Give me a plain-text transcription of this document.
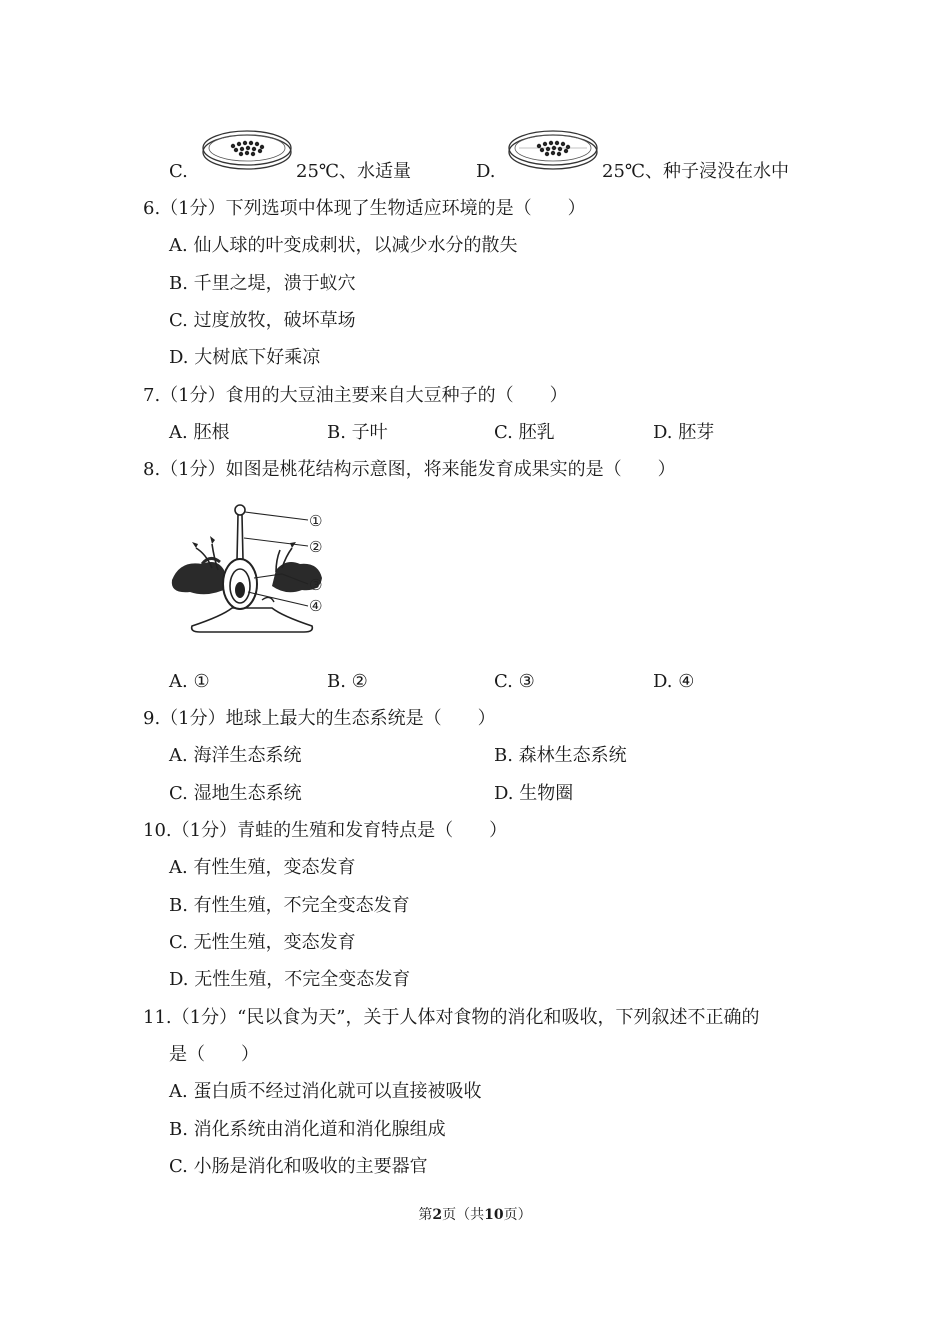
C.	25℃、水适量	D.	25℃、种子浸没在水中
6.（1分）下列选项中体现了生物适应环境的是（　　）
A. 仙人球的叶变成刺状，以减少水分的散失
B. 千里之堤，溃于蚁穴
C. 过度放牧，破坏草场
D. 大树底下好乘凉
7.（1分）食用的大豆油主要来自大豆种子的（　　）
A. 胚根	B. 子叶	C. 胚乳	D. 胚芽
8.（1分）如图是桃花结构示意图，将来能发育成果实的是（　　）
①
②
③
④
A. ①	B. ②	C. ③	D. ④
9.（1分）地球上最大的生态系统是（　　）
A. 海洋生态系统	B. 森林生态系统
C. 湿地生态系统	D. 生物圈
10.（1分）青蛙的生殖和发育特点是（　　）
A. 有性生殖，变态发育
B. 有性生殖，不完全变态发育
C. 无性生殖，变态发育
D. 无性生殖，不完全变态发育
11.（1分）“民以食为天”，关于人体对食物的消化和吸收，下列叙述不正确的
是（　　）
A. 蛋白质不经过消化就可以直接被吸收
B. 消化系统由消化道和消化腺组成
C. 小肠是消化和吸收的主要器官
第2页（共10页）
